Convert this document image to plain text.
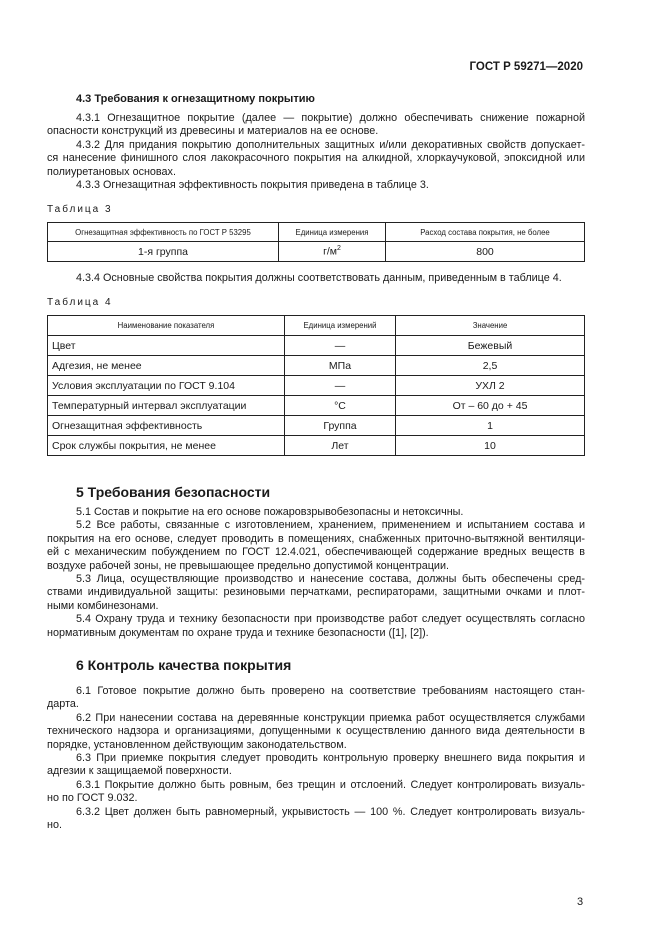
ГОСТ Р 59271—2020
4.3 Требования к огнезащитному покрытию
4.3.1 Огнезащитное покрытие (далее — покрытие) должно обеспечивать снижение пожарной
опасности конструкций из древесины и материалов на ее основе.
4.3.2 Для придания покрытию дополнительных защитных и/или декоративных свойств допускает-
ся нанесение финишного слоя лакокрасочного покрытия на алкидной, хлоркаучуковой, эпоксидной или
полиуретановых основах.
4.3.3 Огнезащитная эффективность покрытия приведена в таблице 3.
Таблица 3
Огнезащитная эффективность по ГОСТ Р 53295	Единица измерения	Расход состава покрытия, не более
1-я группа	$г/м^2$	800
4.3.4 Основные свойства покрытия должны соответствовать данным, приведенным в таблице 4.
Таблица 4
Наименование показателя	Единица измерений	Значение
Цвет	—	Бежевый
Адгезия, не менее	МПа	2,5
Условия эксплуатации по ГОСТ 9.104	—	УХЛ 2
Температурный интервал эксплуатации	°С	От – 60 до + 45
Огнезащитная эффективность	Группа	1
Срок службы покрытия, не менее	Лет	10
5 Требования безопасности
5.1 Состав и покрытие на его основе пожаровзрывобезопасны и нетоксичны.
5.2 Все работы, связанные с изготовлением, хранением, применением и испытанием состава и
покрытия на его основе, следует проводить в помещениях, снабженных приточно-вытяжной вентиляци-
ей с механическим побуждением по ГОСТ 12.4.021, обеспечивающей содержание вредных веществ в
воздухе рабочей зоны, не превышающее предельно допустимой концентрации.
5.3 Лица, осуществляющие производство и нанесение состава, должны быть обеспечены сред-
ствами индивидуальной защиты: резиновыми перчатками, респираторами, защитными очками и плот-
ными комбинезонами.
5.4 Охрану труда и технику безопасности при производстве работ следует осуществлять согласно
нормативным документам по охране труда и технике безопасности ([1], [2]).
6 Контроль качества покрытия
6.1 Готовое покрытие должно быть проверено на соответствие требованиям настоящего стан-
дарта.
6.2 При нанесении состава на деревянные конструкции приемка работ осуществляется службами
технического надзора и организациями, допущенными к осуществлению данного вида деятельности в
порядке, установленном действующим законодательством.
6.3 При приемке покрытия следует проводить контрольную проверку внешнего вида покрытия и
адгезии к защищаемой поверхности.
6.3.1 Покрытие должно быть ровным, без трещин и отслоений. Следует контролировать визуаль-
но по ГОСТ 9.032.
6.3.2 Цвет должен быть равномерный, укрывистость — 100 %. Следует контролировать визуаль-
но.
3
